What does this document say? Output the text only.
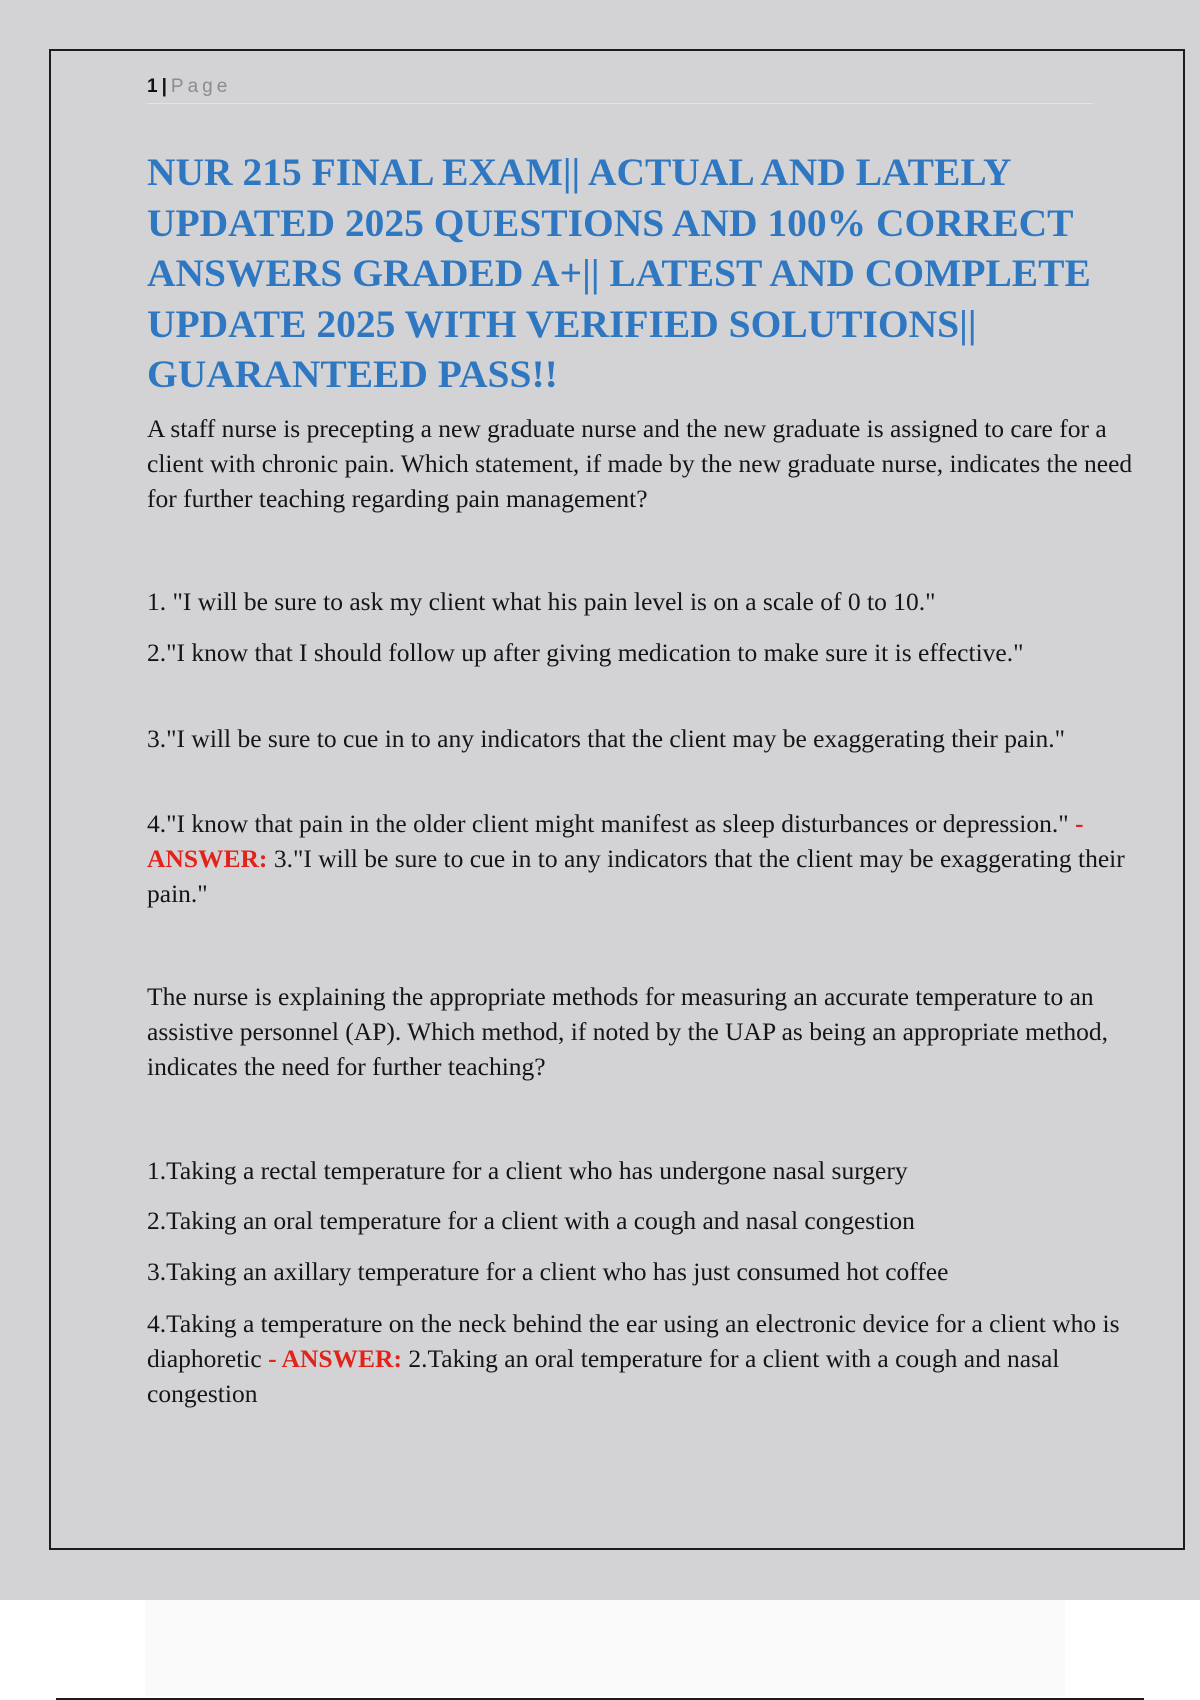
1 | Page
NUR 215 FINAL EXAM|| ACTUAL AND LATELY UPDATED 2025 QUESTIONS AND 100% CORRECT ANSWERS GRADED A+|| LATEST AND COMPLETE UPDATE 2025 WITH VERIFIED SOLUTIONS|| GUARANTEED PASS!!

A staff nurse is precepting a new graduate nurse and the new graduate is assigned to care for a client with chronic pain. Which statement, if made by the new graduate nurse, indicates the need for further teaching regarding pain management?

1. "I will be sure to ask my client what his pain level is on a scale of 0 to 10."

2."I know that I should follow up after giving medication to make sure it is effective."

3."I will be sure to cue in to any indicators that the client may be exaggerating their pain."

4."I know that pain in the older client might manifest as sleep disturbances or depression." - ANSWER: 3."I will be sure to cue in to any indicators that the client may be exaggerating their pain."

The nurse is explaining the appropriate methods for measuring an accurate temperature to an assistive personnel (AP). Which method, if noted by the UAP as being an appropriate method, indicates the need for further teaching?

1.Taking a rectal temperature for a client who has undergone nasal surgery

2.Taking an oral temperature for a client with a cough and nasal congestion

3.Taking an axillary temperature for a client who has just consumed hot coffee

4.Taking a temperature on the neck behind the ear using an electronic device for a client who is diaphoretic - ANSWER: 2.Taking an oral temperature for a client with a cough and nasal congestion
